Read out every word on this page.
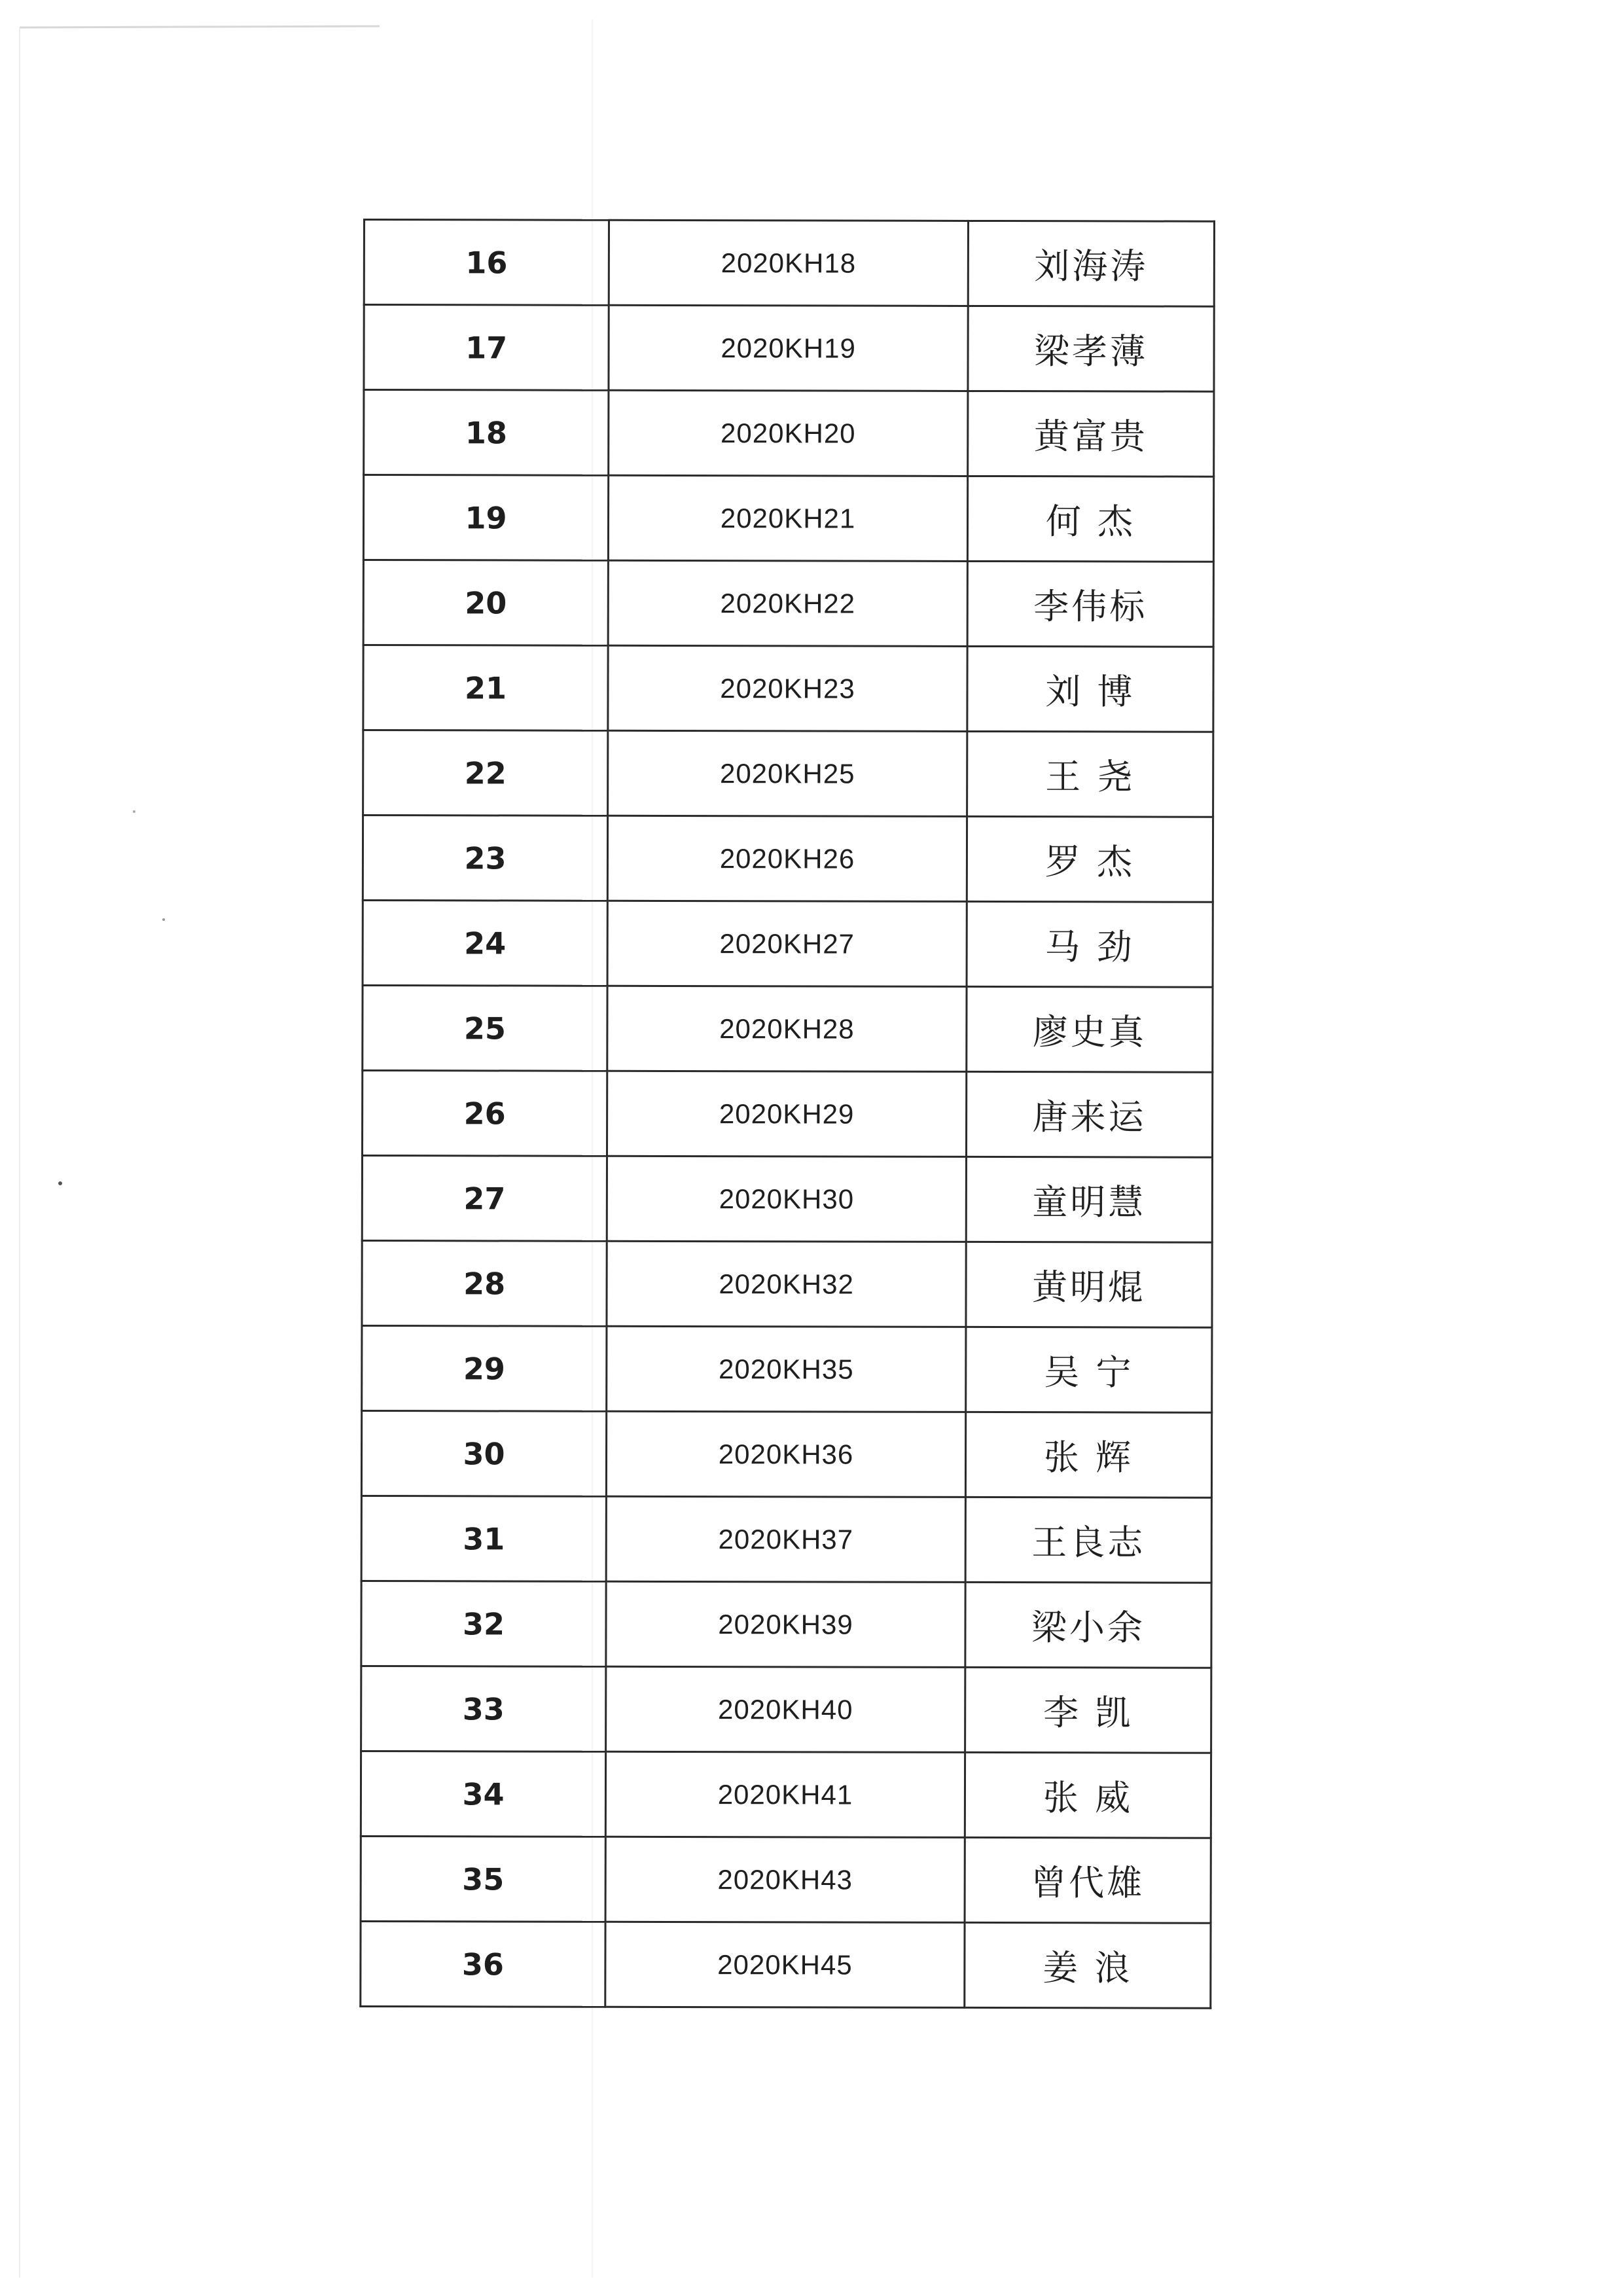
16	2020KH18	刘海涛
17	2020KH19	梁孝薄
18	2020KH20	黄富贵
19	2020KH21	何 杰
20	2020KH22	李伟标
21	2020KH23	刘 博
22	2020KH25	王 尧
23	2020KH26	罗 杰
24	2020KH27	马 劲
25	2020KH28	廖史真
26	2020KH29	唐来运
27	2020KH30	童明慧
28	2020KH32	黄明焜
29	2020KH35	吴 宁
30	2020KH36	张 辉
31	2020KH37	王良志
32	2020KH39	梁小余
33	2020KH40	李 凯
34	2020KH41	张 威
35	2020KH43	曾代雄
36	2020KH45	姜 浪
